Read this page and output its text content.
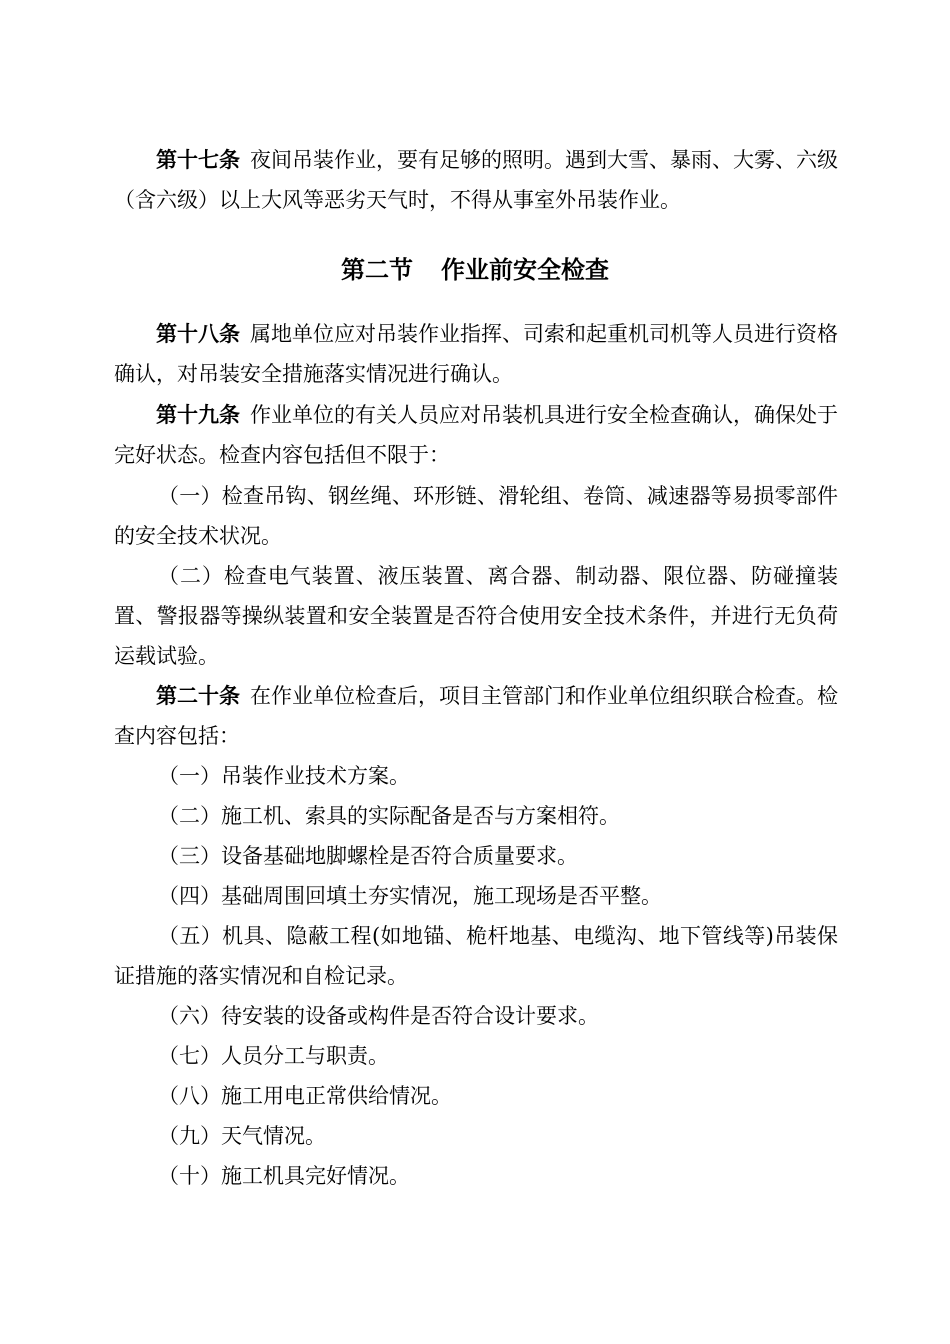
第十七条 夜间吊装作业，要有足够的照明。遇到大雪、暴雨、大雾、六级（含六级）以上大风等恶劣天气时，不得从事室外吊装作业。

第二节 作业前安全检查

第十八条 属地单位应对吊装作业指挥、司索和起重机司机等人员进行资格确认，对吊装安全措施落实情况进行确认。

第十九条 作业单位的有关人员应对吊装机具进行安全检查确认，确保处于完好状态。检查内容包括但不限于：

（一）检查吊钩、钢丝绳、环形链、滑轮组、卷筒、减速器等易损零部件的安全技术状况。

（二）检查电气装置、液压装置、离合器、制动器、限位器、防碰撞装置、警报器等操纵装置和安全装置是否符合使用安全技术条件，并进行无负荷运载试验。

第二十条 在作业单位检查后，项目主管部门和作业单位组织联合检查。检查内容包括：

（一）吊装作业技术方案。

（二）施工机、索具的实际配备是否与方案相符。

（三）设备基础地脚螺栓是否符合质量要求。

（四）基础周围回填土夯实情况，施工现场是否平整。

（五）机具、隐蔽工程(如地锚、桅杆地基、电缆沟、地下管线等)吊装保证措施的落实情况和自检记录。

（六）待安装的设备或构件是否符合设计要求。

（七）人员分工与职责。

（八）施工用电正常供给情况。

（九）天气情况。

（十）施工机具完好情况。
